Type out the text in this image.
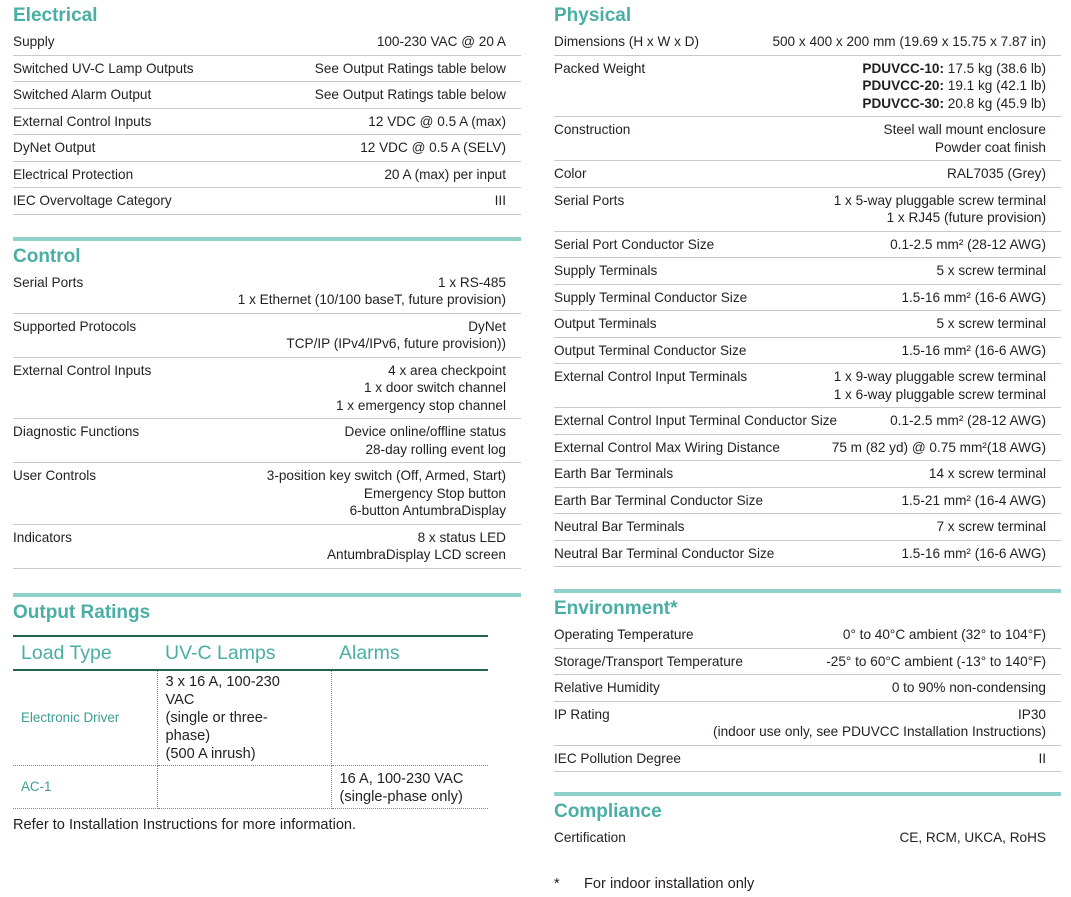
Electrical
Supply	100-230 VAC @ 20 A
Switched UV-C Lamp Outputs	See Output Ratings table below
Switched Alarm Output	See Output Ratings table below
External Control Inputs	12 VDC @ 0.5 A (max)
DyNet Output	12 VDC @ 0.5 A (SELV)
Electrical Protection	20 A (max) per input
IEC Overvoltage Category	III
Control
Serial Ports	1 x RS-485
1 x Ethernet (10/100 baseT, future provision)
Supported Protocols	DyNet
TCP/IP (IPv4/IPv6, future provision))
External Control Inputs	4 x area checkpoint
1 x door switch channel
1 x emergency stop channel
Diagnostic Functions	Device online/offline status
28-day rolling event log
User Controls	3-position key switch (Off, Armed, Start)
Emergency Stop button
6-button AntumbraDisplay
Indicators	8 x status LED
AntumbraDisplay LCD screen
Output Ratings
Load Type	UV-C Lamps	Alarms
Electronic Driver	3 x 16 A, 100-230
VAC
(single or three-
phase)
(500 A inrush)	

AC-1		16 A, 100-230 VAC
(single-phase only)
Refer to Installation Instructions for more information.
Physical
Dimensions (H x W x D)	500 x 400 x 200 mm (19.69 x 15.75 x 7.87 in)
Packed Weight	PDUVCC-10: 17.5 kg (38.6 lb)
PDUVCC-20: 19.1 kg (42.1 lb)
PDUVCC-30: 20.8 kg (45.9 lb)
Construction	Steel wall mount enclosure
Powder coat finish
Color	RAL7035 (Grey)
Serial Ports	1 x 5-way pluggable screw terminal
1 x RJ45 (future provision)
Serial Port Conductor Size	0.1-2.5 mm² (28-12 AWG)
Supply Terminals	5 x screw terminal
Supply Terminal Conductor Size	1.5-16 mm² (16-6 AWG)
Output Terminals	5 x screw terminal
Output Terminal Conductor Size	1.5-16 mm² (16-6 AWG)
External Control Input Terminals	1 x 9-way pluggable screw terminal
1 x 6-way pluggable screw terminal
External Control Input Terminal Conductor Size	0.1-2.5 mm² (28-12 AWG)
External Control Max Wiring Distance	75 m (82 yd) @ 0.75 mm²(18 AWG)
Earth Bar Terminals	14 x screw terminal
Earth Bar Terminal Conductor Size	1.5-21 mm² (16-4 AWG)
Neutral Bar Terminals	7 x screw terminal
Neutral Bar Terminal Conductor Size	1.5-16 mm² (16-6 AWG)
Environment*
Operating Temperature	0° to 40°C ambient (32° to 104°F)
Storage/Transport Temperature	-25° to 60°C ambient (-13° to 140°F)
Relative Humidity	0 to 90% non-condensing
IP Rating	IP30
(indoor use only, see PDUVCC Installation Instructions)
IEC Pollution Degree	II
Compliance
Certification	CE, RCM, UKCA, RoHS
* For indoor installation only
